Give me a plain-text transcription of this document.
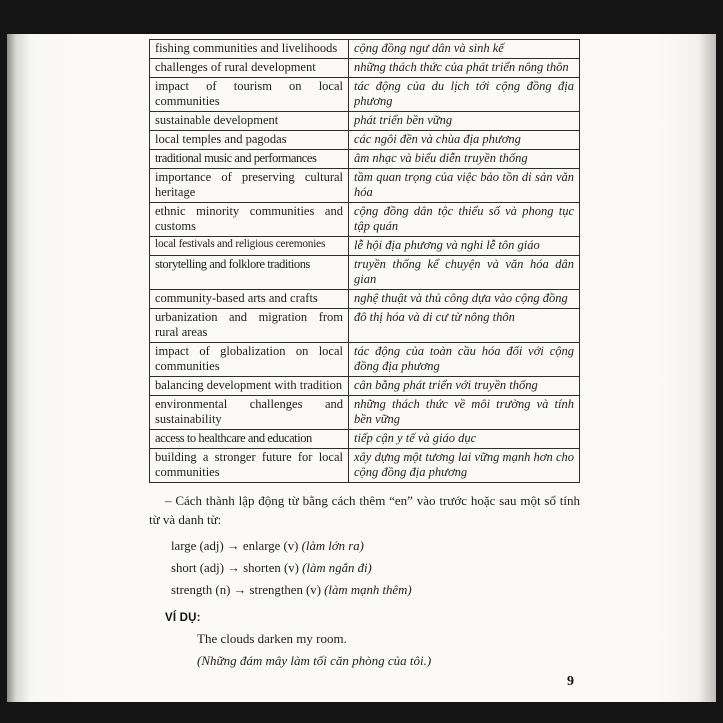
fishing communities and livelihoods	cộng đồng ngư dân và sinh kế
challenges of rural development	những thách thức của phát triển nông thôn
impact of tourism on local communities	tác động của du lịch tới cộng đồng địa phương
sustainable development	phát triển bền vững
local temples and pagodas	các ngôi đền và chùa địa phương
traditional music and performances	âm nhạc và biểu diễn truyền thống
importance of preserving cultural heritage	tầm quan trọng của việc bảo tồn di sản văn hóa
ethnic minority communities and customs	cộng đồng dân tộc thiểu số và phong tục tập quán
local festivals and religious ceremonies	lễ hội địa phương và nghi lễ tôn giáo
storytelling and folklore traditions	truyền thống kể chuyện và văn hóa dân gian
community-based arts and crafts	nghệ thuật và thủ công dựa vào cộng đồng
urbanization and migration from rural areas	đô thị hóa và di cư từ nông thôn
impact of globalization on local communities	tác động của toàn cầu hóa đối với cộng đồng địa phương
balancing development with tradition	cân bằng phát triển với truyền thống
environmental challenges and sustainability	những thách thức về môi trường và tính bền vững
access to healthcare and education	tiếp cận y tế và giáo dục
building a stronger future for local communities	xây dựng một tương lai vững mạnh hơn cho cộng đồng địa phương

– Cách thành lập động từ bằng cách thêm “en” vào trước hoặc sau một số tính từ và danh từ:

large (adj) → enlarge (v) (làm lớn ra)
short (adj) → shorten (v) (làm ngắn đi)
strength (n) → strengthen (v) (làm mạnh thêm)

VÍ DỤ:

The clouds darken my room.

(Những đám mây làm tối căn phòng của tôi.)

9
